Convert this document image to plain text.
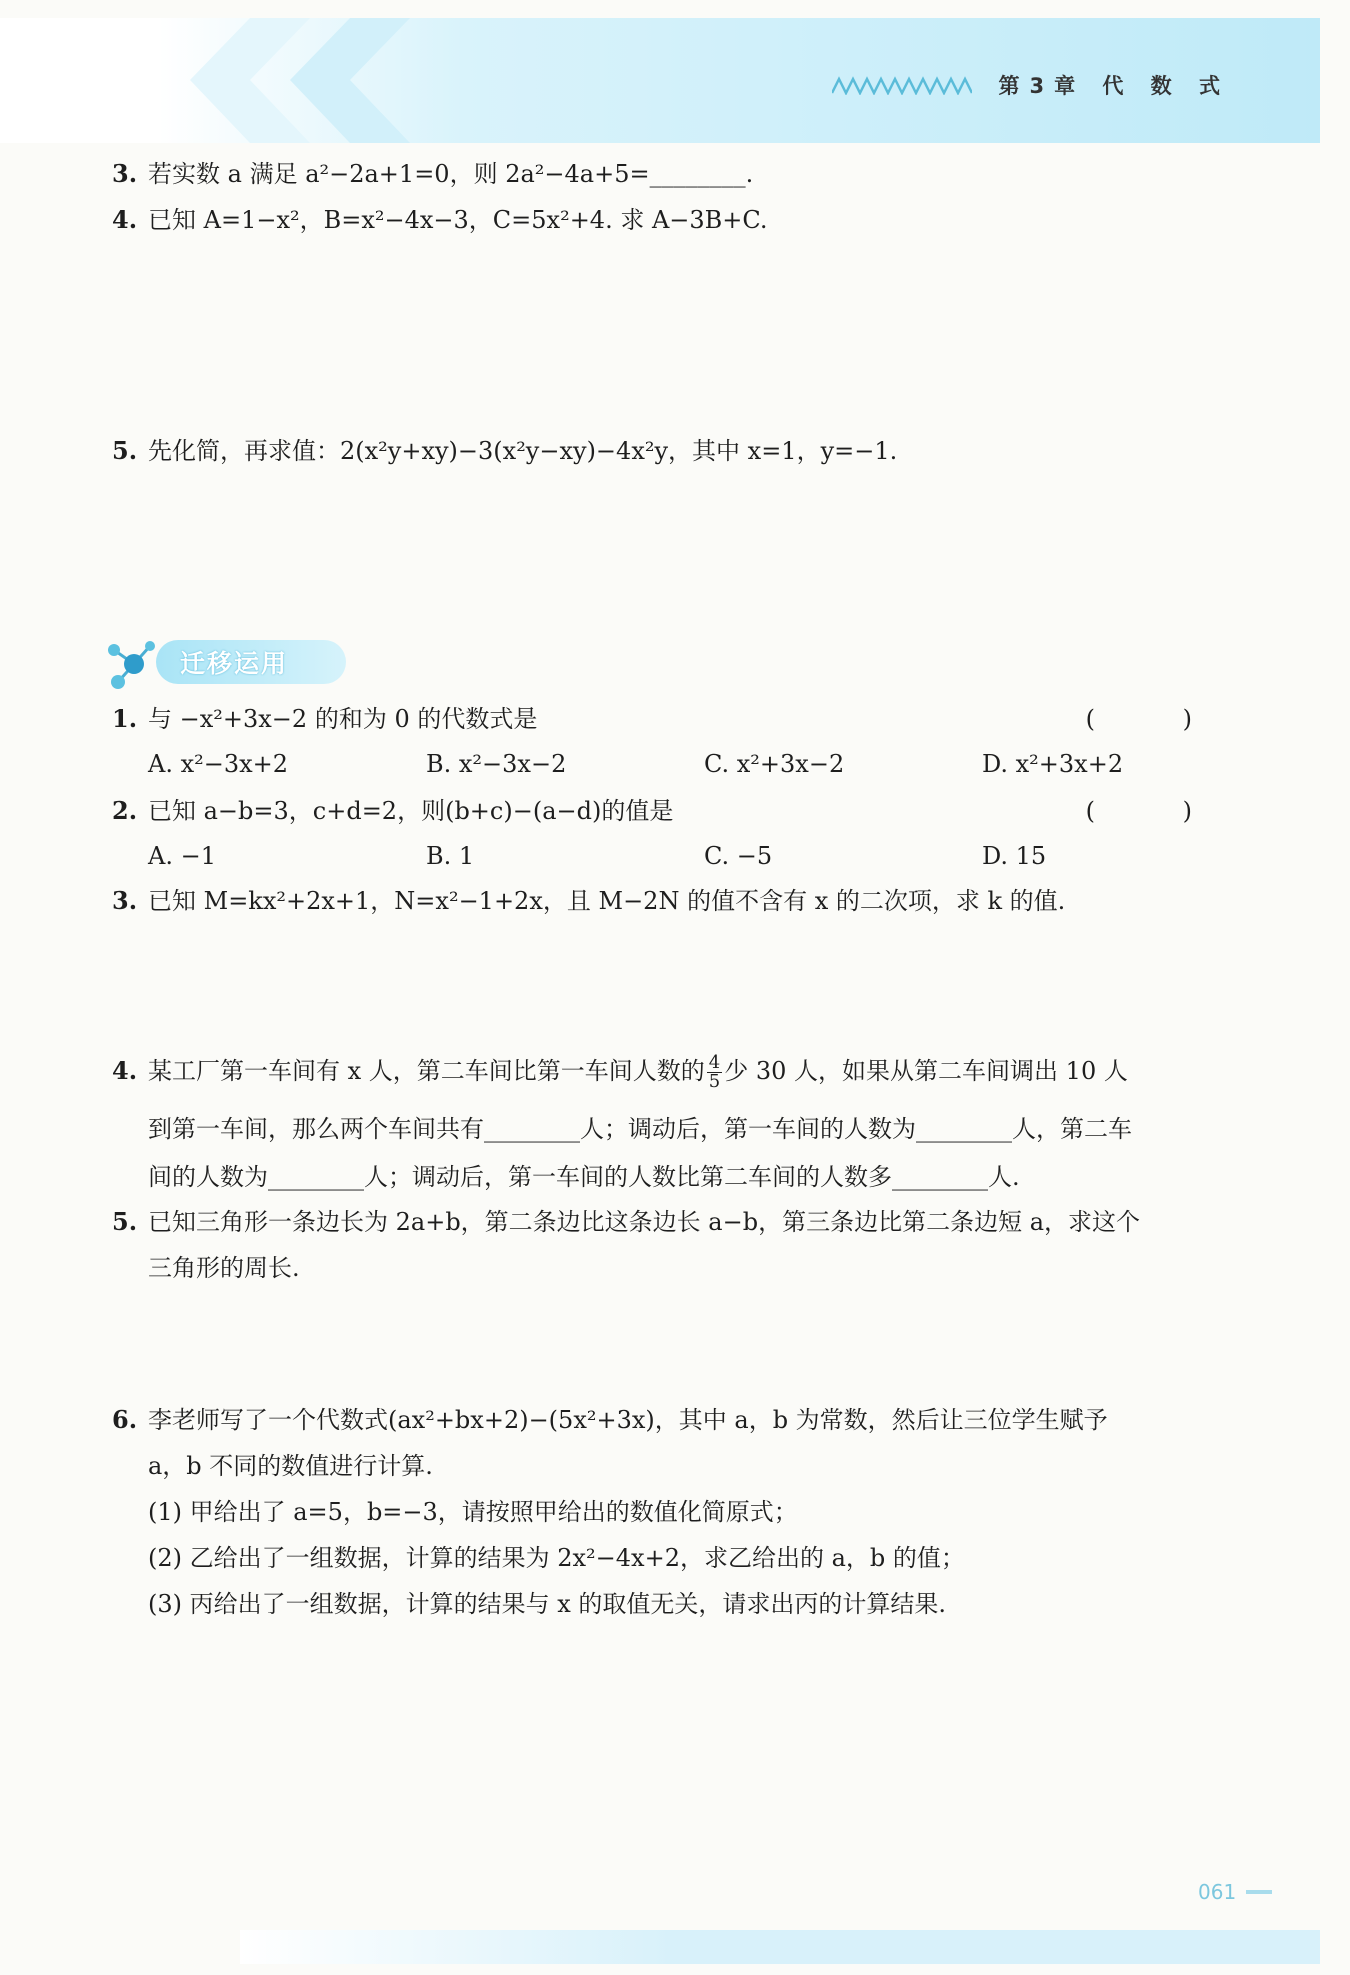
第3章 代 数 式
3. 若实数 a 满足 a²−2a+1=0，则 2a²−4a+5=________.
4. 已知 A=1−x²，B=x²−4x−3，C=5x²+4. 求 A−3B+C.
5. 先化简，再求值：2(x²y+xy)−3(x²y−xy)−4x²y，其中 x=1，y=−1.
迁移运用
1. 与 −x²+3x−2 的和为 0 的代数式是	( )
A. x²−3x+2	B. x²−3x−2	C. x²+3x−2	D. x²+3x+2
2. 已知 a−b=3，c+d=2，则(b+c)−(a−d)的值是	( )
A. −1	B. 1	C. −5	D. 15
3. 已知 M=kx²+2x+1，N=x²−1+2x，且 M−2N 的值不含有 x 的二次项，求 k 的值.
4. 某工厂第一车间有 x 人，第二车间比第一车间人数的 $\frac{4}{5}$ 少 30 人，如果从第二车间调出 10 人
到第一车间，那么两个车间共有________人；调动后，第一车间的人数为________人，第二车
间的人数为________人；调动后，第一车间的人数比第二车间的人数多________人.
5. 已知三角形一条边长为 2a+b，第二条边比这条边长 a−b，第三条边比第二条边短 a，求这个
三角形的周长.
6. 李老师写了一个代数式(ax²+bx+2)−(5x²+3x)，其中 a，b 为常数，然后让三位学生赋予
a，b 不同的数值进行计算.
(1) 甲给出了 a=5，b=−3，请按照甲给出的数值化简原式；
(2) 乙给出了一组数据，计算的结果为 2x²−4x+2，求乙给出的 a，b 的值；
(3) 丙给出了一组数据，计算的结果与 x 的取值无关，请求出丙的计算结果.
061
